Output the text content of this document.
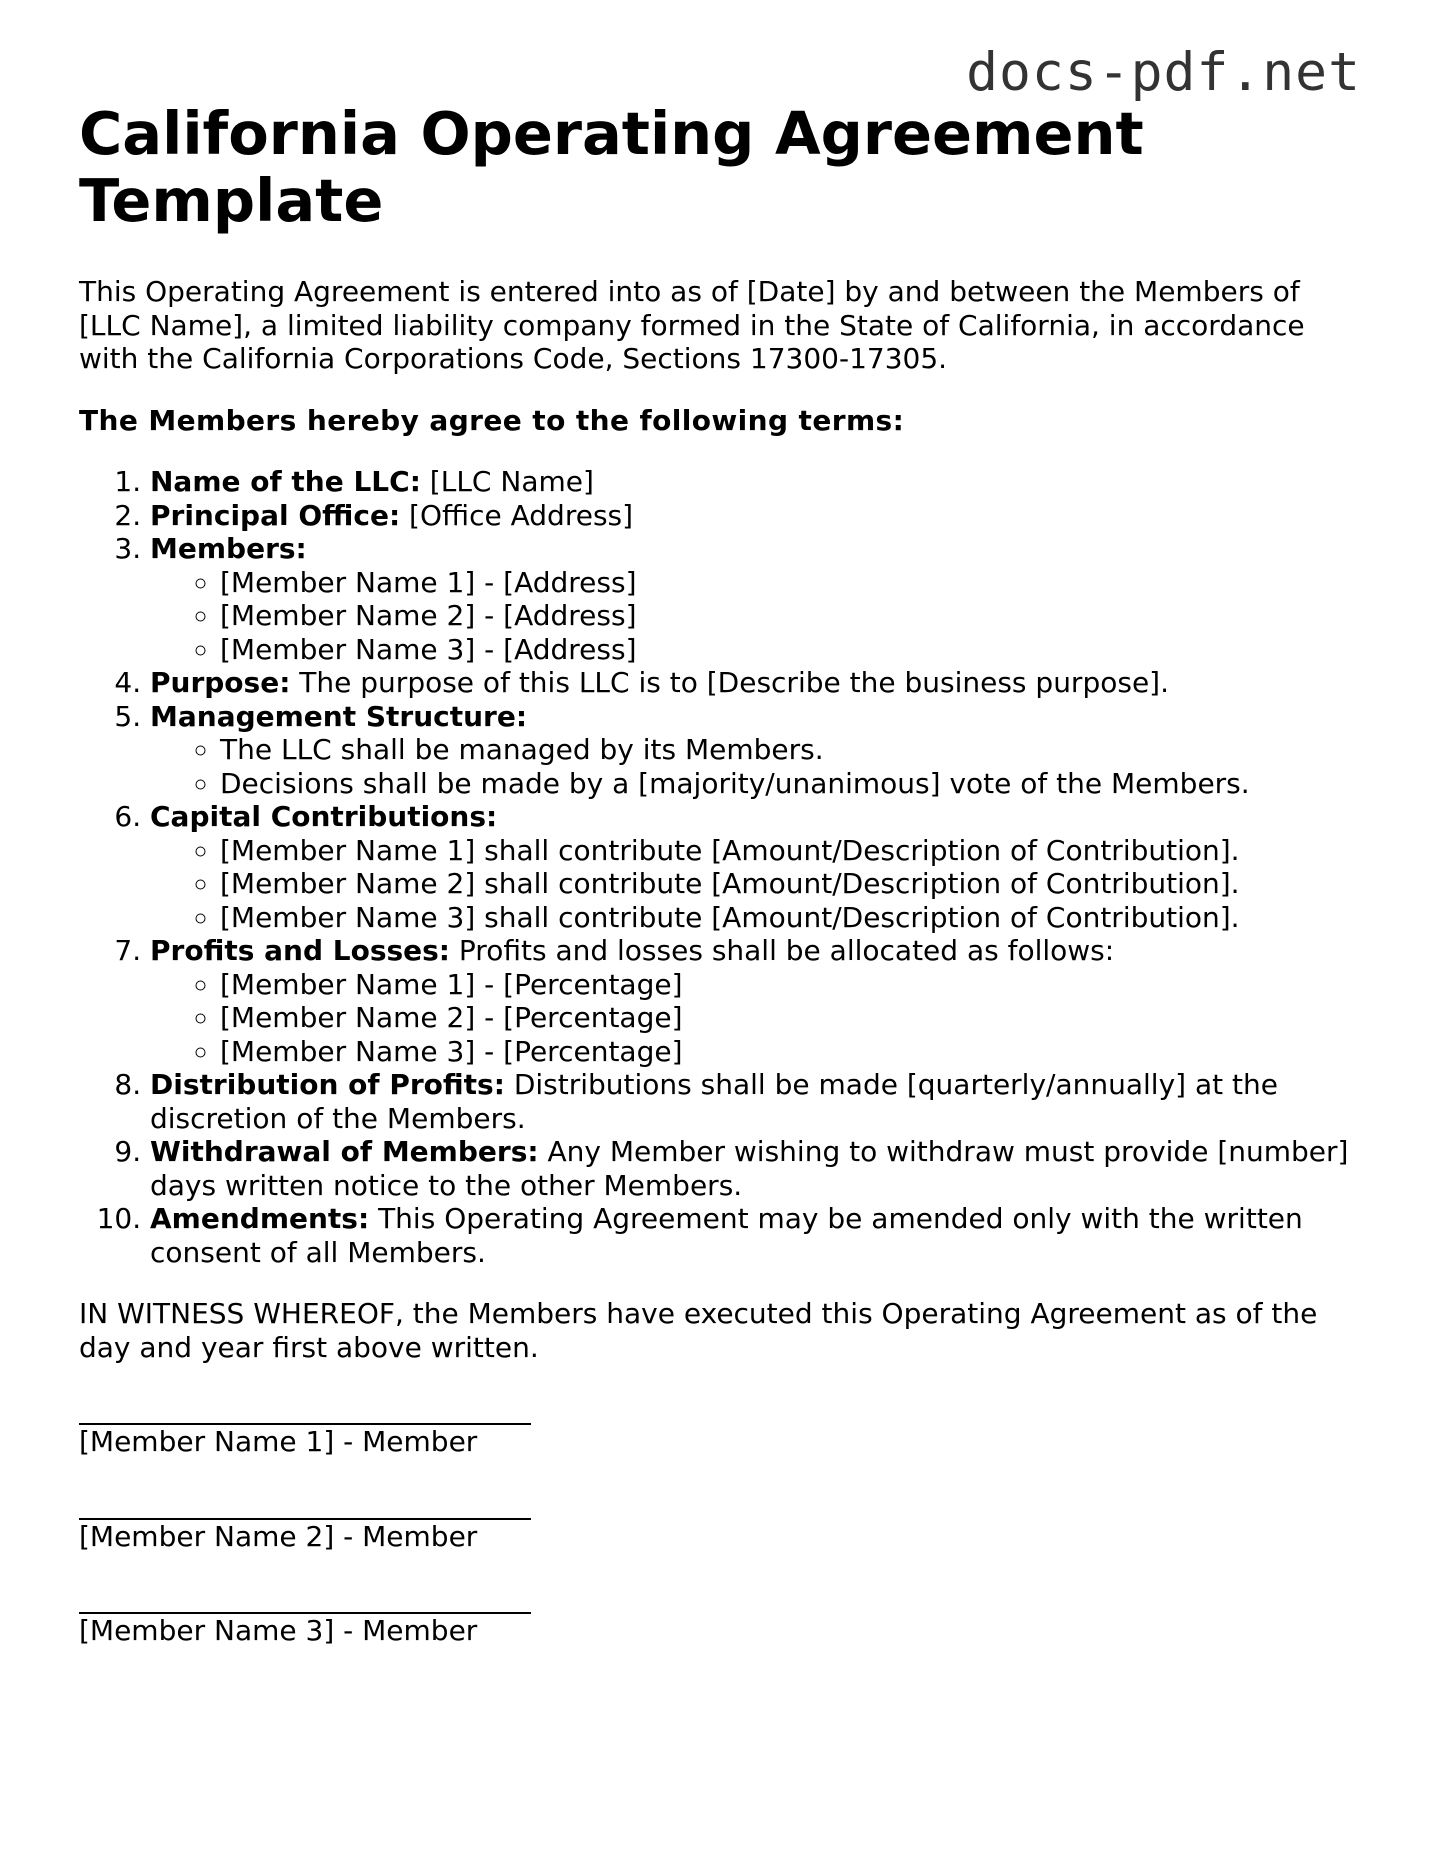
docs-pdf.net
California Operating Agreement Template

This Operating Agreement is entered into as of [Date] by and between the Members of [LLC Name], a limited liability company formed in the State of California, in accordance with the California Corporations Code, Sections 17300-17305.

The Members hereby agree to the following terms:

1. Name of the LLC: [LLC Name]
2. Principal Office: [Office Address]
3. Members:
◦ [Member Name 1] - [Address]
◦ [Member Name 2] - [Address]
◦ [Member Name 3] - [Address]
4. Purpose: The purpose of this LLC is to [Describe the business purpose].
5. Management Structure:
◦ The LLC shall be managed by its Members.
◦ Decisions shall be made by a [majority/unanimous] vote of the Members.
6. Capital Contributions:
◦ [Member Name 1] shall contribute [Amount/Description of Contribution].
◦ [Member Name 2] shall contribute [Amount/Description of Contribution].
◦ [Member Name 3] shall contribute [Amount/Description of Contribution].
7. Profits and Losses: Profits and losses shall be allocated as follows:
◦ [Member Name 1] - [Percentage]
◦ [Member Name 2] - [Percentage]
◦ [Member Name 3] - [Percentage]
8. Distribution of Profits: Distributions shall be made [quarterly/annually] at the discretion of the Members.
9. Withdrawal of Members: Any Member wishing to withdraw must provide [number] days written notice to the other Members.
10. Amendments: This Operating Agreement may be amended only with the written consent of all Members.

IN WITNESS WHEREOF, the Members have executed this Operating Agreement as of the day and year first above written.

[Member Name 1] - Member
[Member Name 2] - Member
[Member Name 3] - Member
